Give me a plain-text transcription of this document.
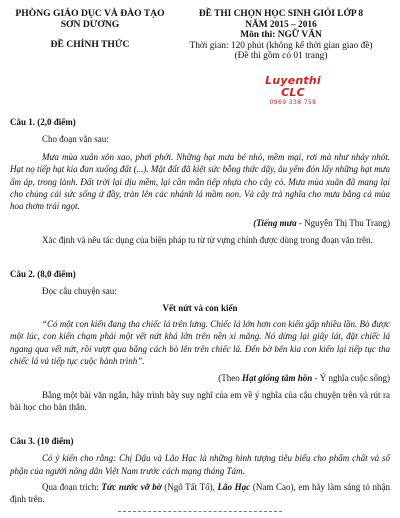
PHÒNG GIÁO DỤC VÀ ĐÀO TẠO
SƠN DƯƠNG
ĐỀ CHÍNH THỨC
ĐỀ THI CHỌN HỌC SINH GIỎI LỚP 8
NĂM 2015 – 2016
Môn thi: NGỮ VĂN
Thời gian: 120 phút (không kể thời gian giao đề)
(Đề thi gồm có 01 trang)
Luyenthi CLC
0969 338 758

Câu 1. (2,0 điểm)

Cho đoạn văn sau:

Mưa mùa xuân xôn xao, phơi phới. Những hạt mưa bé nhỏ, mềm mại, rơi mà như nhảy nhót. Hạt nọ tiếp hạt kia đan xuống đất (...). Mặt đất đã kiệt sức bỗng thức dậy, âu yếm đón lấy những hạt mưa ấm áp, trong lành. Đất trời lại dịu mềm, lại cần mẫn tiếp nhựa cho cây cỏ. Mưa mùa xuân đã mang lại cho chúng cái sức sống ứ đầy, tràn lên các nhánh lá mầm non. Và cây trả nghĩa cho mưa bằng cả mùa hoa thơm trái ngọt.

(Tiếng mưa - Nguyễn Thị Thu Trang)

Xác định và nêu tác dụng của biện pháp tu từ từ vựng chính được dùng trong đoạn văn trên.

Câu 2. (8,0 điểm)

Đọc câu chuyện sau:

Vết nứt và con kiến

“Có một con kiến đang tha chiếc lá trên lưng. Chiếc lá lớn hơn con kiến gấp nhiều lần. Bò được một lúc, con kiến chạm phải một vết nứt khá lớn trên nền xi măng. Nó dừng lại giây lát, đặt chiếc lá ngang qua vết nứt, rồi vượt qua bằng cách bò lên trên chiếc lá. Đến bờ bên kia con kiến lại tiếp tục tha chiếc lá và tiếp tục cuộc hành trình”.

(Theo Hạt giống tâm hồn - Ý nghĩa cuộc sống)

Bằng một bài văn ngắn, hãy trình bày suy nghĩ của em về ý nghĩa của câu chuyện trên và rút ra bài học cho bản thân.

Câu 3. (10 điểm)

Có ý kiến cho rằng: Chị Dậu và Lão Hạc là những hình tượng tiêu biểu cho phẩm chất và số phận của người nông dân Việt Nam trước cách mạng tháng Tám.

Qua đoạn trích: Tức nước vỡ bờ (Ngô Tất Tố), Lão Hạc (Nam Cao), em hãy làm sáng tỏ nhận định trên.
